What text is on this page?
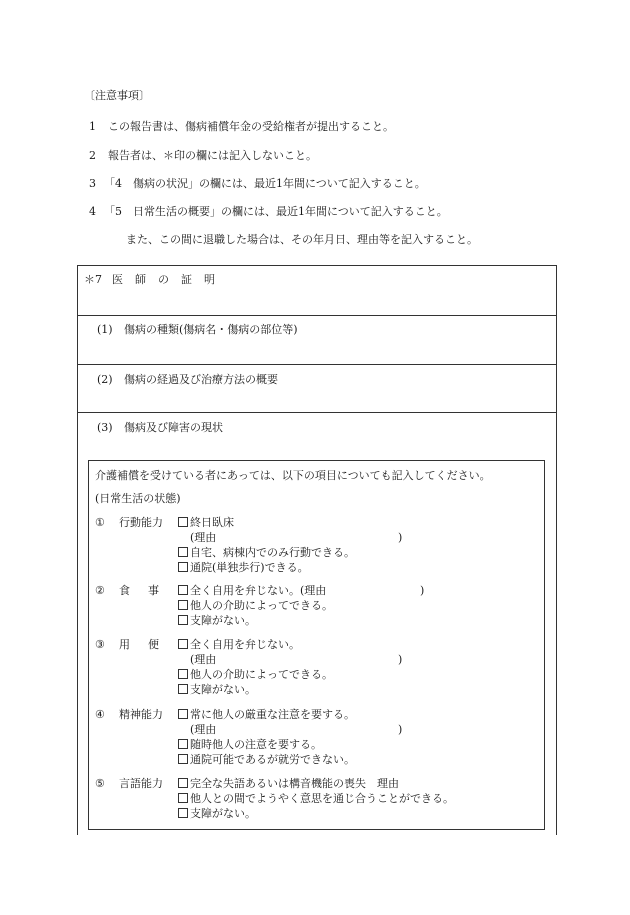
〔注意事項〕
1 この報告書は、傷病補償年金の受給権者が提出すること。
2 報告者は、＊印の欄には記入しないこと。
3 「4　傷病の状況」の欄には、最近1年間について記入すること。
4 「5　日常生活の概要」の欄には、最近1年間について記入すること。
また、この間に退職した場合は、その年月日、理由等を記入すること。
＊7 医師の証明
(1) 傷病の種類(傷病名・傷病の部位等)
(2) 傷病の経過及び治療方法の概要
(3) 傷病及び障害の現状
介護補償を受けている者にあっては、以下の項目についても記入してください。
(日常生活の状態)
① 行動能力	終日臥床
(理由	)
自宅、病棟内でのみ行動できる。
通院(単独歩行)できる。
② 食事	全く自用を弁じない。(理由	)
他人の介助によってできる。
支障がない。
③ 用便	全く自用を弁じない。
(理由	)
他人の介助によってできる。
支障がない。
④ 精神能力	常に他人の厳重な注意を要する。
(理由	)
随時他人の注意を要する。
通院可能であるが就労できない。
⑤ 言語能力	完全な失語あるいは構音機能の喪失　理由
他人との間でようやく意思を通じ合うことができる。
支障がない。
